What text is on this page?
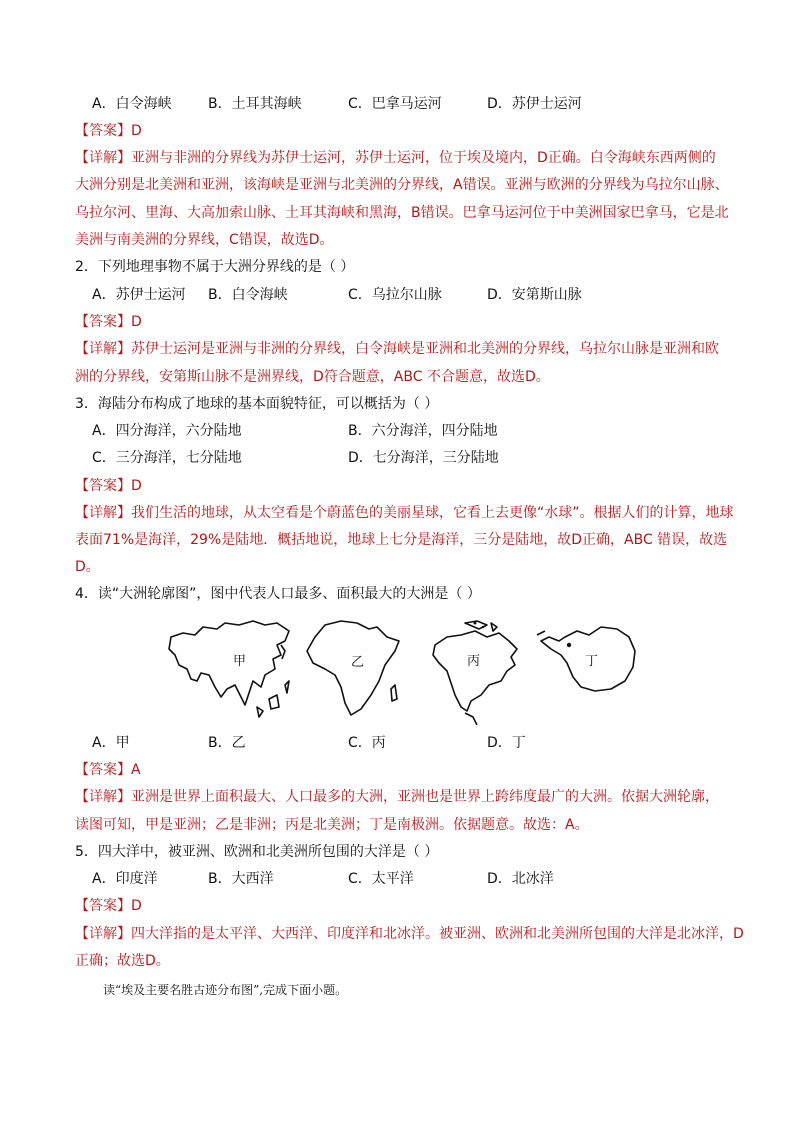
A．白令海峡	B．土耳其海峡	C．巴拿马运河	D．苏伊士运河
【答案】D
【详解】亚洲与非洲的分界线为苏伊士运河，苏伊士运河，位于埃及境内，D正确。白令海峡东西两侧的
大洲分别是北美洲和亚洲，该海峡是亚洲与北美洲的分界线，A错误。亚洲与欧洲的分界线为乌拉尔山脉、
乌拉尔河、里海、大高加索山脉、土耳其海峡和黑海，B错误。巴拿马运河位于中美洲国家巴拿马，它是北
美洲与南美洲的分界线，C错误，故选D。
2．下列地理事物不属于大洲分界线的是（ ）
A．苏伊士运河 B．白令海峡	C．乌拉尔山脉	D．安第斯山脉
【答案】D
【详解】苏伊士运河是亚洲与非洲的分界线，白令海峡是亚洲和北美洲的分界线，乌拉尔山脉是亚洲和欧
洲的分界线，安第斯山脉不是洲界线，D符合题意，ABC 不合题意，故选D。
3．海陆分布构成了地球的基本面貌特征，可以概括为（ ）
A．四分海洋，六分陆地	B．六分海洋，四分陆地
C．三分海洋，七分陆地	D．七分海洋，三分陆地
【答案】D
【详解】我们生活的地球，从太空看是个蔚蓝色的美丽星球，它看上去更像“水球”。根据人们的计算，地球
表面71%是海洋，29%是陆地．概括地说，地球上七分是海洋，三分是陆地，故D正确，ABC 错误，故选
D。
4．读“大洲轮廓图”，图中代表人口最多、面积最大的大洲是（ ）
甲	乙	丙	丁
A．甲	B．乙	C．丙	D．丁
【答案】A
【详解】亚洲是世界上面积最大、人口最多的大洲，亚洲也是世界上跨纬度最广的大洲。依据大洲轮廓，
读图可知，甲是亚洲；乙是非洲；丙是北美洲；丁是南极洲。依据题意。故选：A。
5．四大洋中，被亚洲、欧洲和北美洲所包围的大洋是（ ）
A．印度洋	B．大西洋	C．太平洋	D．北冰洋
【答案】D
【详解】四大洋指的是太平洋、大西洋、印度洋和北冰洋。被亚洲、欧洲和北美洲所包围的大洋是北冰洋，D
正确；故选D。
读“埃及主要名胜古迹分布图”,完成下面小题。
